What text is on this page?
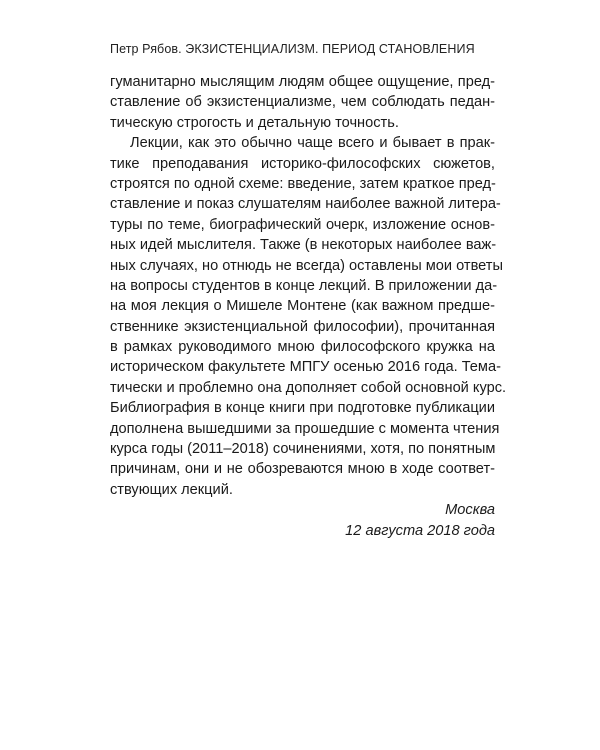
Петр Рябов. ЭКЗИСТЕНЦИАЛИЗМ. ПЕРИОД СТАНОВЛЕНИЯ
гуманитарно мыслящим людям общее ощущение, пред-
ставление об экзистенциализме, чем соблюдать педан-
тическую строгость и детальную точность.
Лекции, как это обычно чаще всего и бывает в прак-
тике преподавания историко-философских сюжетов,
строятся по одной схеме: введение, затем краткое пред-
ставление и показ слушателям наиболее важной литера-
туры по теме, биографический очерк, изложение основ-
ных идей мыслителя. Также (в некоторых наиболее важ-
ных случаях, но отнюдь не всегда) оставлены мои ответы
на вопросы студентов в конце лекций. В приложении да-
на моя лекция о Мишеле Монтене (как важном предше-
ственнике экзистенциальной философии), прочитанная
в рамках руководимого мною философского кружка на
историческом факультете МПГУ осенью 2016 года. Тема-
тически и проблемно она дополняет собой основной курс.
Библиография в конце книги при подготовке публикации
дополнена вышедшими за прошедшие с момента чтения
курса годы (2011–2018) сочинениями, хотя, по понятным
причинам, они и не обозреваются мною в ходе соответ-
ствующих лекций.
Москва
12 августа 2018 года
